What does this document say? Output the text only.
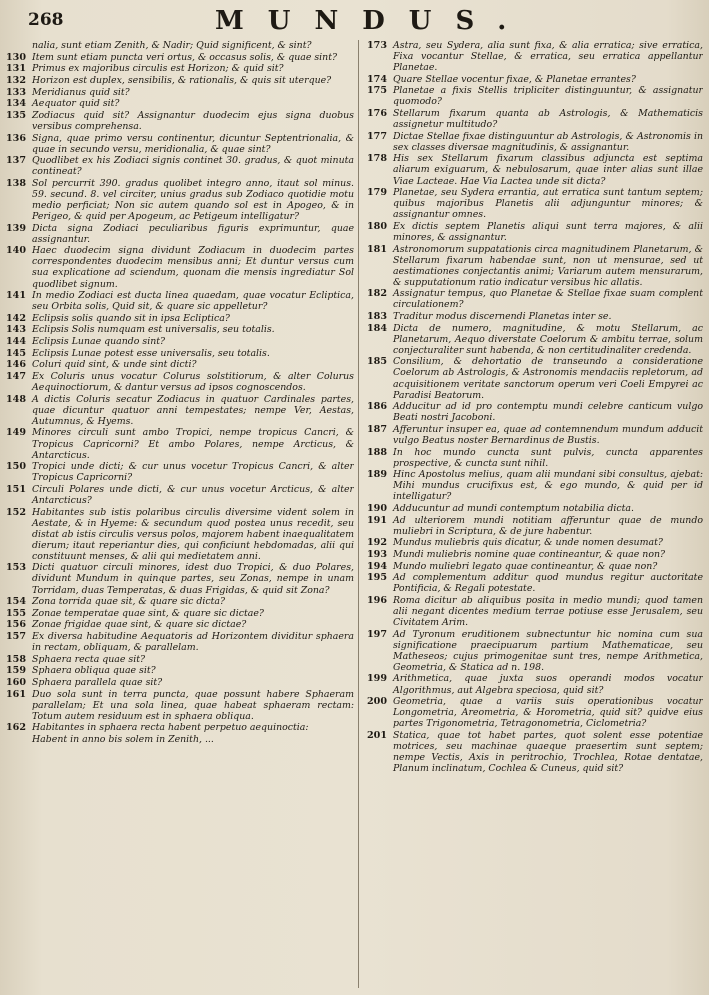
268	MUNDUS.
nalia, sunt etiam Zenith, & Nadir; Quid significent, & sint?
130 Item sunt etiam puncta veri ortus, & occasus solis, & quae sint?
131 Primus ex majoribus circulis est Horizon; & quid sit?
132 Horizon est duplex, sensibilis, & rationalis, & quis sit uterque?
133 Meridianus quid sit?
134 Aequator quid sit?
135 Zodiacus quid sit? Assignantur duodecim ejus signa duobus versibus comprehensa.
136 Signa, quae primo versu continentur, dicuntur Septentrionalia, & quae in secundo versu, meridionalia, & quae sint?
137 Quodlibet ex his Zodiaci signis continet 30. gradus, & quot minuta contineat?
138 Sol percurrit 390. gradus quolibet integro anno, itaut sol minus. 59. secund. 8. vel circiter, unius gradus sub Zodiaco quotidie motu medio perficiat; Non sic autem quando sol est in Apogeo, & in Perigeo, & quid per Apogeum, ac Petigeum intelligatur?
139 Dicta signa Zodiaci peculiaribus figuris exprimuntur, quae assignantur.
140 Haec duodecim signa dividunt Zodiacum in duodecim partes correspondentes duodecim mensibus anni; Et duntur versus cum sua explicatione ad sciendum, quonam die mensis ingrediatur Sol quodlibet signum.
141 In medio Zodiaci est ducta linea quaedam, quae vocatur Ecliptica, seu Orbita solis, Quid sit, & quare sic appelletur?
142 Eclipsis solis quando sit in ipsa Ecliptica?
143 Eclipsis Solis numquam est universalis, seu totalis.
144 Eclipsis Lunae quando sint?
145 Eclipsis Lunae potest esse universalis, seu totalis.
146 Coluri quid sint, & unde sint dicti?
147 Ex Coluris unus vocatur Colurus solstitiorum, & alter Colurus Aequinoctiorum, & dantur versus ad ipsos cognoscendos.
148 A dictis Coluris secatur Zodiacus in quatuor Cardinales partes, quae dicuntur quatuor anni tempestates; nempe Ver, Aestas, Autumnus, & Hyems.
149 Minores circuli sunt ambo Tropici, nempe tropicus Cancri, & Tropicus Capricorni? Et ambo Polares, nempe Arcticus, & Antarcticus.
150 Tropici unde dicti; & cur unus vocetur Tropicus Cancri, & alter Tropicus Capricorni?
151 Circuli Polares unde dicti, & cur unus vocetur Arcticus, & alter Antarcticus?
152 Habitantes sub istis polaribus circulis diversime vident solem in Aestate, & in Hyeme: & secundum quod postea unus recedit, seu distat ab istis circulis versus polos, majorem habent inaequalitatem dierum; itaut reperiantur dies, qui conficiunt hebdomadas, alii qui constituunt menses, & alii qui medietatem anni.
153 Dicti quatuor circuli minores, idest duo Tropici, & duo Polares, dividunt Mundum in quinque partes, seu Zonas, nempe in unam Torridam, duas Temperatas, & duas Frigidas, & quid sit Zona?
154 Zona torrida quae sit, & quare sic dicta?
155 Zonae temperatae quae sint, & quare sic dictae?
156 Zonae frigidae quae sint, & quare sic dictae?
157 Ex diversa habitudine Aequatoris ad Horizontem dividitur sphaera in rectam, obliquam, & parallelam.
158 Sphaera recta quae sit?
159 Sphaera obliqua quae sit?
160 Sphaera parallela quae sit?
161 Duo sola sunt in terra puncta, quae possunt habere Sphaeram parallelam; Et una sola linea, quae habeat sphaeram rectam: Totum autem residuum est in sphaera obliqua.
162 Habitantes in sphaera recta habent perpetuo aequinoctia:
Habent in anno bis solem in Zenith, ...
173 Astra, seu Sydera, alia sunt fixa, & alia erratica; sive erratica, Fixa vocantur Stellae, & erratica, seu erratica appellantur Planetae.
174 Quare Stellae vocentur fixae, & Planetae errantes?
175 Planetae a fixis Stellis tripliciter distinguuntur, & assignatur quomodo?
176 Stellarum fixarum quanta ab Astrologis, & Mathematicis assignetur multitudo?
177 Dictae Stellae fixae distinguuntur ab Astrologis, & Astronomis in sex classes diversae magnitudinis, & assignantur.
178 His sex Stellarum fixarum classibus adjuncta est septima aliarum exiguarum, & nebulosarum, quae inter alias sunt illae Viae Lacteae. Hae Via Lactea unde sit dicta?
179 Planetae, seu Sydera errantia, aut erratica sunt tantum septem; quibus majoribus Planetis alii adjunguntur minores; & assignantur omnes.
180 Ex dictis septem Planetis aliqui sunt terra majores, & alii minores, & assignantur.
181 Astronomorum suppatationis circa magnitudinem Planetarum, & Stellarum fixarum habendae sunt, non ut mensurae, sed ut aestimationes conjectantis animi; Variarum autem mensurarum, & supputationum ratio indicatur versibus hic allatis.
182 Assignatur tempus, quo Planetae & Stellae fixae suam complent circulationem?
183 Traditur modus discernendi Planetas inter se.
184 Dicta de numero, magnitudine, & motu Stellarum, ac Planetarum, Aequo diverstate Coelorum & ambitu terrae, solum conjecturaliter sunt habenda, & non certitudinaliter credenda.
185 Consilium, & dehortatio de transeundo a consideratione Coelorum ab Astrologis, & Astronomis mendaciis repletorum, ad acquisitionem veritate sanctorum operum veri Coeli Empyrei ac Paradisi Beatorum.
186 Adducitur ad id pro contemptu mundi celebre canticum vulgo Beati nostri Jacoboni.
187 Afferuntur insuper ea, quae ad contemnendum mundum adducit vulgo Beatus noster Bernardinus de Bustis.
188 In hoc mundo cuncta sunt pulvis, cuncta apparentes prospective, & cuncta sunt nihil.
189 Hinc Apostolus melius, quam alii mundani sibi consultus, ajebat: Mihi mundus crucifixus est, & ego mundo, & quid per id intelligatur?
190 Adducuntur ad mundi contemptum notabilia dicta.
191 Ad ulteriorem mundi notitiam afferuntur quae de mundo muliebri in Scriptura, & de jure habentur.
192 Mundus muliebris quis dicatur, & unde nomen desumat?
193 Mundi muliebris nomine quae contineantur, & quae non?
194 Mundo muliebri legato quae contineantur, & quae non?
195 Ad complementum additur quod mundus regitur auctoritate Pontificia, & Regali potestate.
196 Roma dicitur ab aliquibus posita in medio mundi; quod tamen alii negant dicentes medium terrae potiuse esse Jerusalem, seu Civitatem Arim.
197 Ad Tyronum eruditionem subnectuntur hic nomina cum sua significatione praecipuarum partium Mathematicae, seu Matheseos; cujus primogenitae sunt tres, nempe Arithmetica, Geometria, & Statica ad n. 198.
199 Arithmetica, quae juxta suos operandi modos vocatur Algorithmus, aut Algebra speciosa, quid sit?
200 Geometria, quae a variis suis operationibus vocatur Longometria, Areometria, & Horometria, quid sit? quidve eius partes Trigonometria, Tetragonometria, Ciclometria?
201 Statica, quae tot habet partes, quot solent esse potentiae motrices, seu machinae quaeque praesertim sunt septem; nempe Vectis, Axis in peritrochio, Trochlea, Rotae dentatae, Planum inclinatum, Cochlea & Cuneus, quid sit?
